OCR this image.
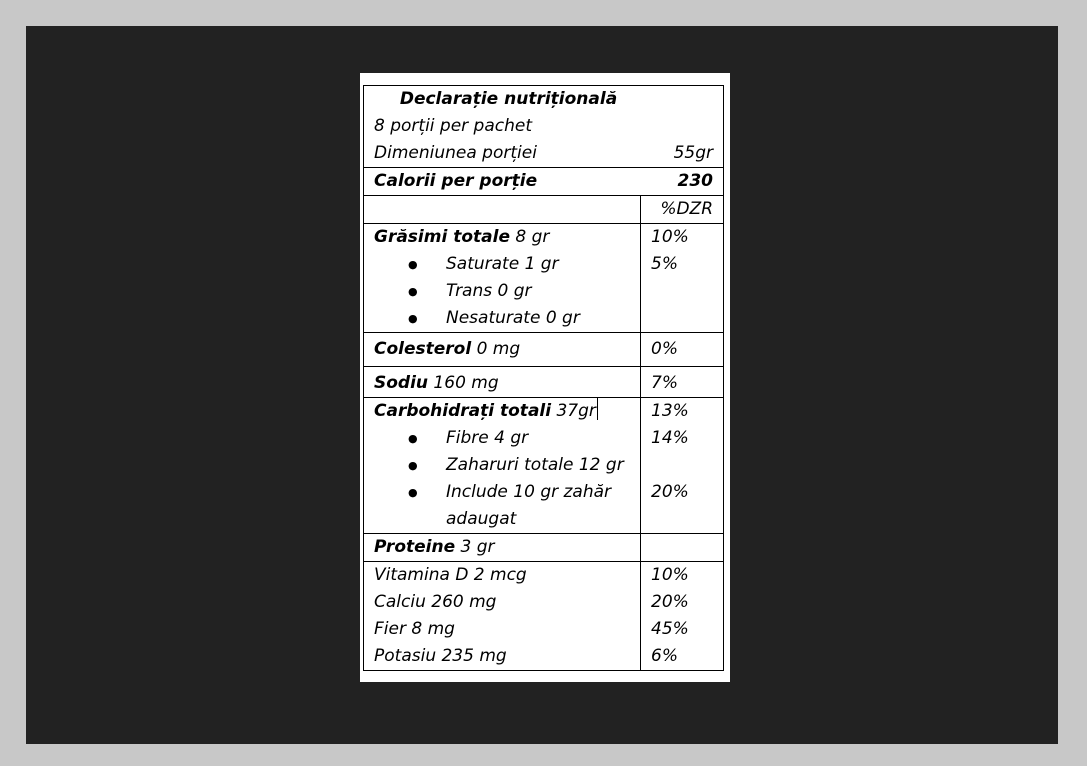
Declarație nutrițională	
8 porții per pachet	
Dimeniunea porției	55gr
Calorii per porție	230
	%DZR
Grăsimi totale 8 gr	10%

● Saturate 1 gr	5%

● Trans 0 gr

● Nesaturate 0 gr

Colesterol 0 mg	0%
Sodiu 160 mg	7%
Carbohidrați totali 37gr	13%

● Fibre 4 gr	14%

● Zaharuri totale 12 gr

● Include 10 gr zahăr adaugat	20%
Proteine 3 gr	
Vitamina D 2 mcg	10%
Calciu 260 mg	20%
Fier 8 mg	45%
Potasiu 235 mg	6%
